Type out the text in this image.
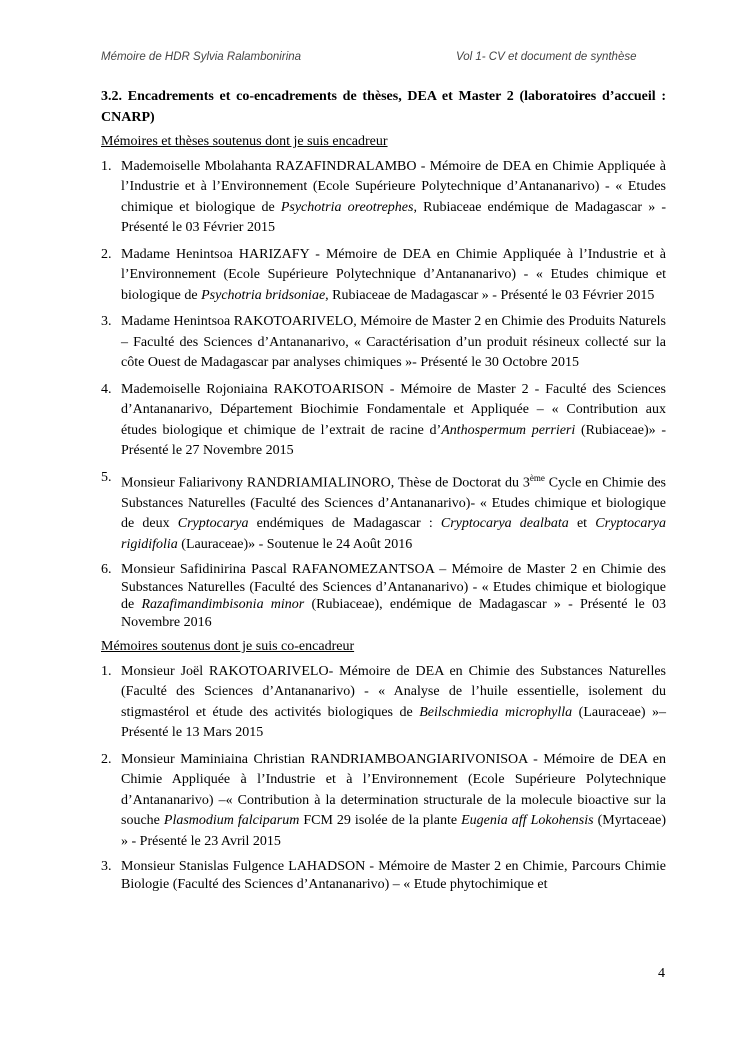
Mémoire de HDR Sylvia Ralambonirina	Vol 1- CV et document de synthèse

3.2. Encadrements et co-encadrements de thèses, DEA et Master 2 (laboratoires d’accueil : CNARP)

Mémoires et thèses soutenus dont je suis encadreur

1. Mademoiselle Mbolahanta RAZAFINDRALAMBO - Mémoire de DEA en Chimie Appliquée à l’Industrie et à l’Environnement (Ecole Supérieure Polytechnique d’Antananarivo) - « Etudes chimique et biologique de Psychotria oreotrephes, Rubiaceae endémique de Madagascar » - Présenté le 03 Février 2015
2. Madame Henintsoa HARIZAFY - Mémoire de DEA en Chimie Appliquée à l’Industrie et à l’Environnement (Ecole Supérieure Polytechnique d’Antananarivo) - « Etudes chimique et biologique de Psychotria bridsoniae, Rubiaceae de Madagascar » - Présenté le 03 Février 2015
3. Madame Henintsoa RAKOTOARIVELO, Mémoire de Master 2 en Chimie des Produits Naturels – Faculté des Sciences d’Antananarivo, « Caractérisation d’un produit résineux collecté sur la côte Ouest de Madagascar par analyses chimiques »- Présenté le 30 Octobre 2015
4. Mademoiselle Rojoniaina RAKOTOARISON - Mémoire de Master 2 - Faculté des Sciences d’Antananarivo, Département Biochimie Fondamentale et Appliquée – « Contribution aux études biologique et chimique de l’extrait de racine d’Anthospermum perrieri (Rubiaceae)» - Présenté le 27 Novembre 2015
5. Monsieur Faliarivony RANDRIAMIALINORO, Thèse de Doctorat du 3ème Cycle en Chimie des Substances Naturelles (Faculté des Sciences d’Antananarivo)- « Etudes chimique et biologique de deux Cryptocarya endémiques de Madagascar : Cryptocarya dealbata et Cryptocarya rigidifolia (Lauraceae)» - Soutenue le 24 Août 2016
6. Monsieur Safidinirina Pascal RAFANOMEZANTSOA – Mémoire de Master 2 en Chimie des Substances Naturelles (Faculté des Sciences d’Antananarivo) - « Etudes chimique et biologique de Razafimandimbisonia minor (Rubiaceae), endémique de Madagascar » - Présenté le 03 Novembre 2016

Mémoires soutenus dont je suis co-encadreur

1. Monsieur Joël RAKOTOARIVELO- Mémoire de DEA en Chimie des Substances Naturelles (Faculté des Sciences d’Antananarivo) - « Analyse de l’huile essentielle, isolement du stigmastérol et étude des activités biologiques de Beilschmiedia microphylla (Lauraceae) »– Présenté le 13 Mars 2015
2. Monsieur Maminiaina Christian RANDRIAMBOANGIARIVONISOA - Mémoire de DEA en Chimie Appliquée à l’Industrie et à l’Environnement (Ecole Supérieure Polytechnique d’Antananarivo) –« Contribution à la determination structurale de la molecule bioactive sur la souche Plasmodium falciparum FCM 29 isolée de la plante Eugenia aff Lokohensis (Myrtaceae) » - Présenté le 23 Avril 2015
3. Monsieur Stanislas Fulgence LAHADSON - Mémoire de Master 2 en Chimie, Parcours Chimie Biologie (Faculté des Sciences d’Antananarivo) – « Etude phytochimique et
4
